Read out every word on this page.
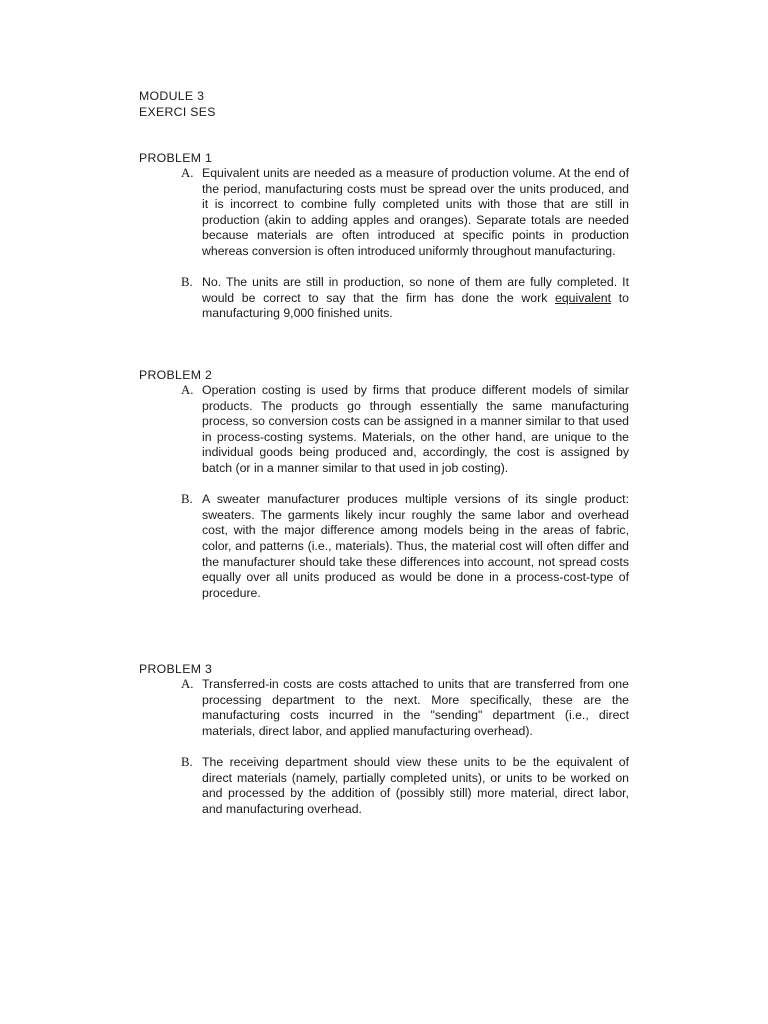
MODULE 3
EXERCI SES
PROBLEM 1
A. Equivalent units are needed as a measure of production volume. At the end of the period, manufacturing costs must be spread over the units produced, and it is incorrect to combine fully completed units with those that are still in production (akin to adding apples and oranges). Separate totals are needed because materials are often introduced at specific points in production whereas conversion is often introduced uniformly throughout manufacturing.
B. No. The units are still in production, so none of them are fully completed. It would be correct to say that the firm has done the work equivalent to manufacturing 9,000 finished units.
PROBLEM 2
A. Operation costing is used by firms that produce different models of similar products. The products go through essentially the same manufacturing process, so conversion costs can be assigned in a manner similar to that used in process-costing systems. Materials, on the other hand, are unique to the individual goods being produced and, accordingly, the cost is assigned by batch (or in a manner similar to that used in job costing).
B. A sweater manufacturer produces multiple versions of its single product: sweaters. The garments likely incur roughly the same labor and overhead cost, with the major difference among models being in the areas of fabric, color, and patterns (i.e., materials). Thus, the material cost will often differ and the manufacturer should take these differences into account, not spread costs equally over all units produced as would be done in a process-cost-type of procedure.
PROBLEM 3
A. Transferred-in costs are costs attached to units that are transferred from one processing department to the next. More specifically, these are the manufacturing costs incurred in the "sending" department (i.e., direct materials, direct labor, and applied manufacturing overhead).
B. The receiving department should view these units to be the equivalent of direct materials (namely, partially completed units), or units to be worked on and processed by the addition of (possibly still) more material, direct labor, and manufacturing overhead.
